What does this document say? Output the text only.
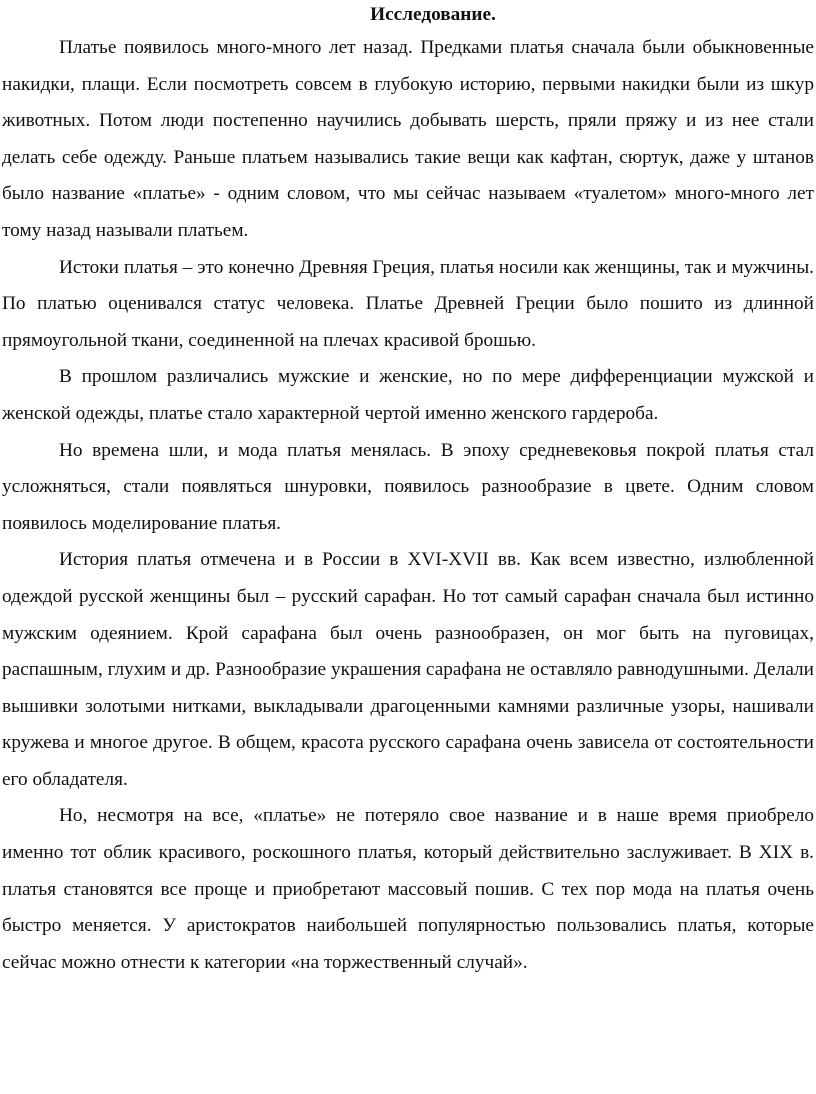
Исследование.

Платье появилось много-много лет назад. Предками платья сначала были обыкновенные накидки, плащи. Если посмотреть совсем в глубокую историю, первыми накидки были из шкур животных. Потом люди постепенно научились добывать шерсть, пряли пряжу и из нее стали делать себе одежду. Раньше платьем назывались такие вещи как кафтан, сюртук, даже у штанов было название «платье» - одним словом, что мы сейчас называем «туалетом» много-много лет тому назад называли платьем.

Истоки платья – это конечно Древняя Греция, платья носили как женщины, так и мужчины. По платью оценивался статус человека. Платье Древней Греции было пошито из длинной прямоугольной ткани, соединенной на плечах красивой брошью.

В прошлом различались мужские и женские, но по мере дифференциации мужской и женской одежды, платье стало характерной чертой именно женского гардероба.

Но времена шли, и мода платья менялась. В эпоху средневековья покрой платья стал усложняться, стали появляться шнуровки, появилось разнообразие в цвете. Одним словом появилось моделирование платья.

История платья отмечена и в России в XVI-XVII вв. Как всем известно, излюбленной одеждой русской женщины был – русский сарафан. Но тот самый сарафан сначала был истинно мужским одеянием. Крой сарафана был очень разнообразен, он мог быть на пуговицах, распашным, глухим и др. Разнообразие украшения сарафана не оставляло равнодушными. Делали вышивки золотыми нитками, выкладывали драгоценными камнями различные узоры, нашивали кружева и многое другое. В общем, красота русского сарафана очень зависела от состоятельности его обладателя.

Но, несмотря на все, «платье» не потеряло свое название и в наше время приобрело именно тот облик красивого, роскошного платья, который действительно заслуживает. В XIX в. платья становятся все проще и приобретают массовый пошив. С тех пор мода на платья очень быстро меняется. У аристократов наибольшей популярностью пользовались платья, которые сейчас можно отнести к категории «на торжественный случай».
